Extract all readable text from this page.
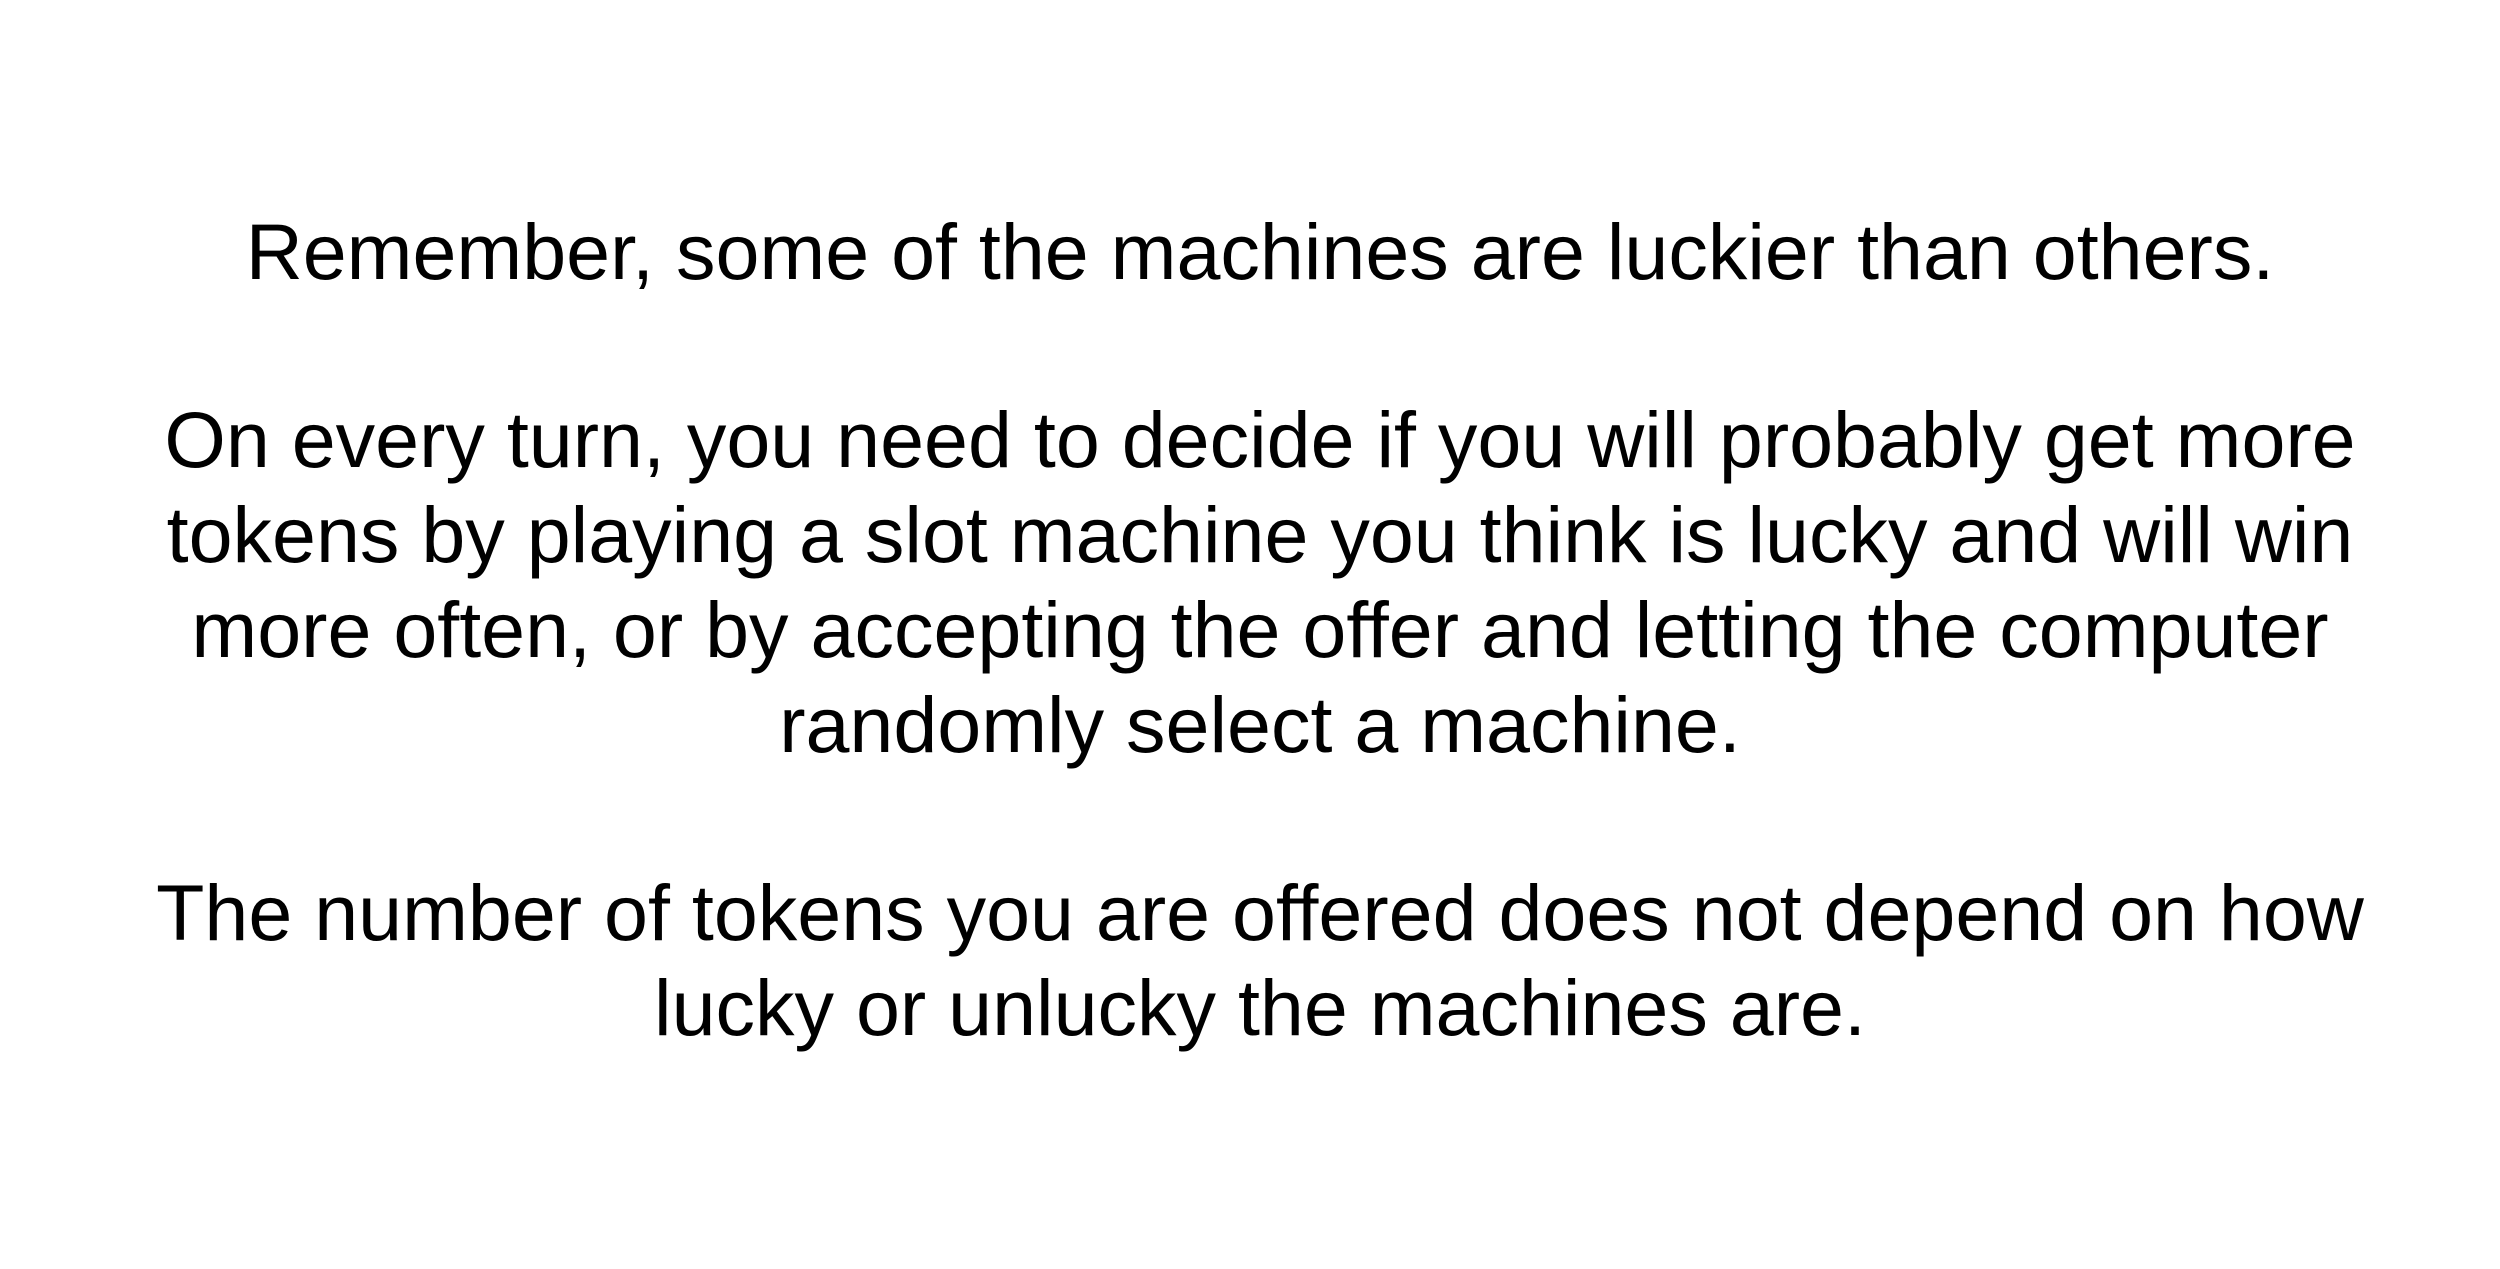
Remember, some of the machines are luckier than others.

On every turn, you need to decide if you will probably get more
tokens by playing a slot machine you think is lucky and will win
more often, or by accepting the offer and letting the computer
randomly select a machine.

The number of tokens you are offered does not depend on how
lucky or unlucky the machines are.
